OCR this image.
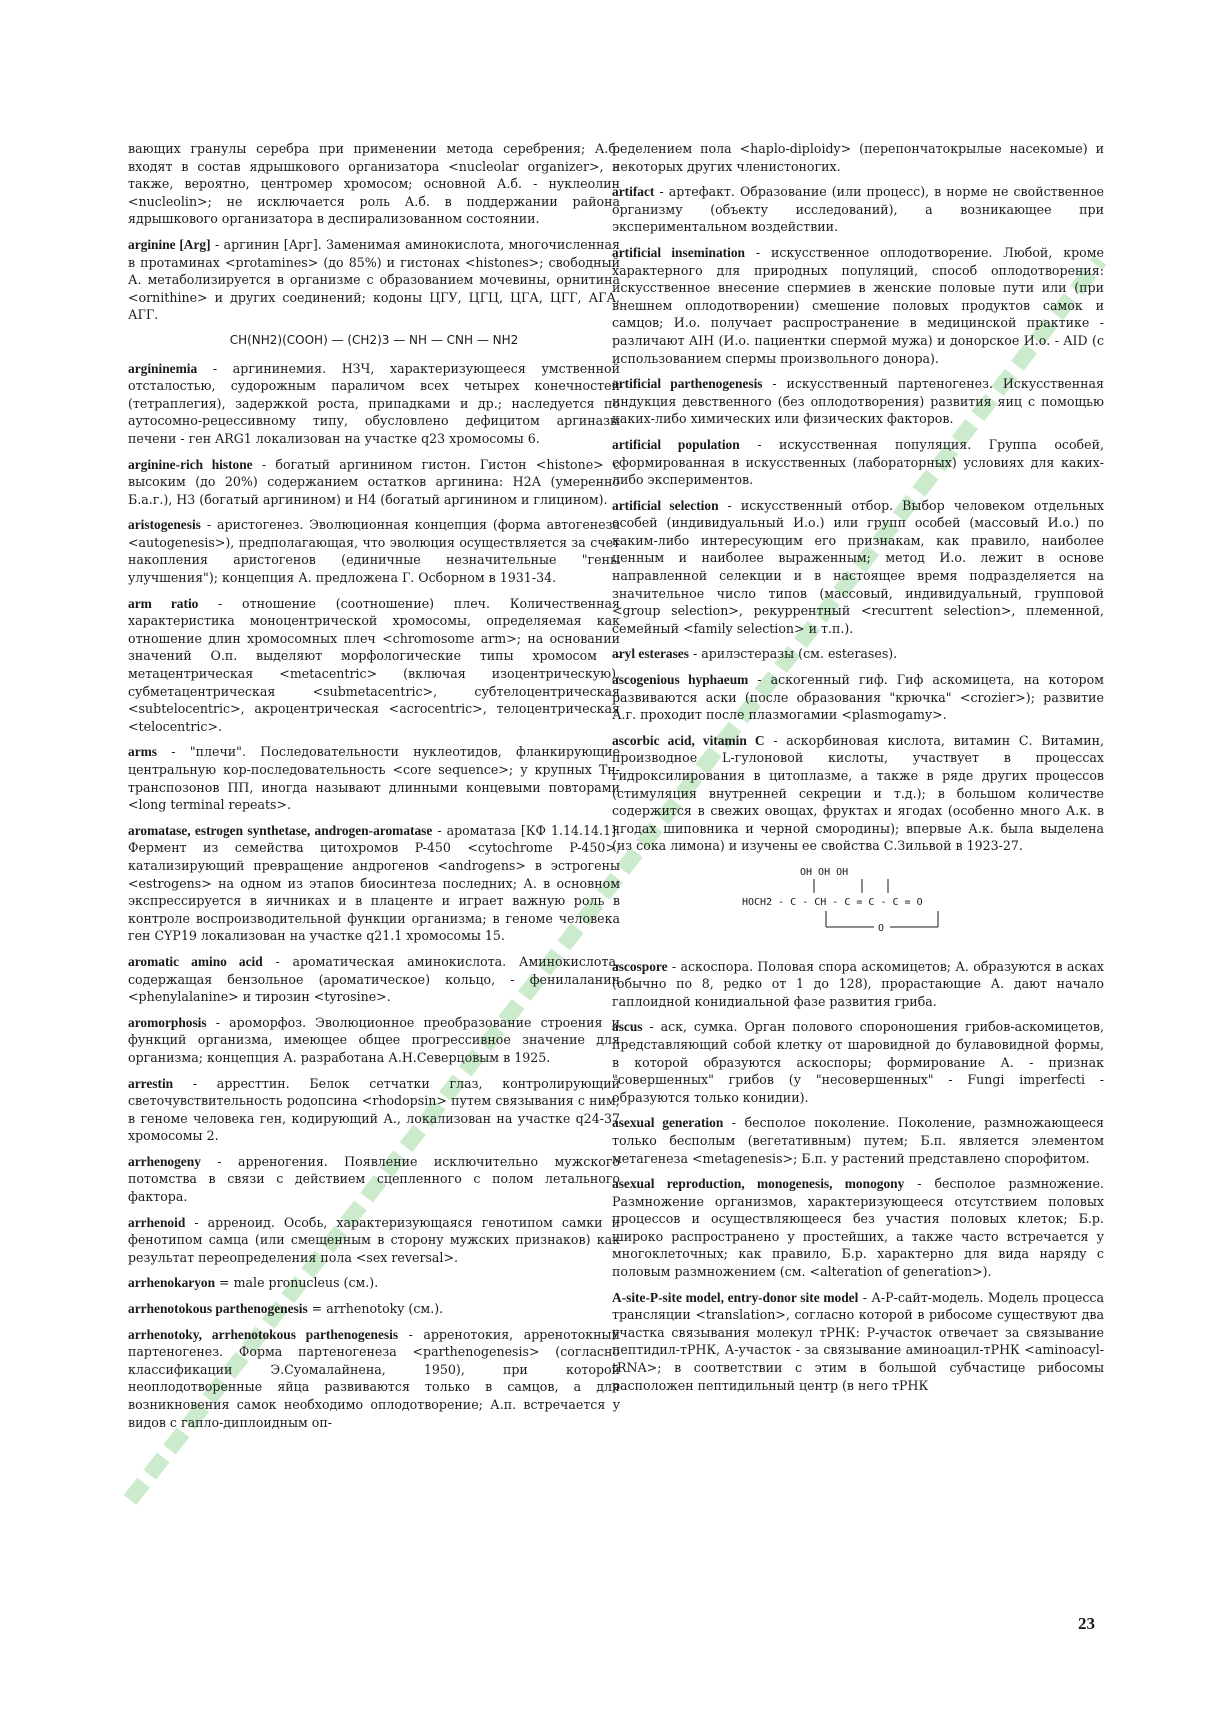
вающих гранулы серебра при применении метода серебрения; А.б. входят в состав ядрышкового организатора <nucleolar organizer>, а также, вероятно, центромер хромосом; основной А.б. - нуклеолин <nucleolin>; не исключается роль А.б. в поддержании района ядрышкового организатора в деспирализованном состоянии.

arginine [Arg] - аргинин [Арг]. Заменимая аминокислота, многочисленная в протаминах <protamines> (до 85%) и гистонах <histones>; свободный А. метаболизируется в организме с образованием мочевины, орнитина <ornithine> и других соединений; кодоны ЦГУ, ЦГЦ, ЦГА, ЦГГ, АГА, АГГ.

CH(NH2)(COOH) — (CH2)3 — NH — CNH — NH2

argininemia - аргининемия. НЗЧ, характеризующееся умственной отсталостью, судорожным параличом всех четырех конечностей (тетраплегия), задержкой роста, припадками и др.; наследуется по аутосомно-рецессивному типу, обусловлено дефицитом аргиназы печени - ген ARG1 локализован на участке q23 хромосомы 6.

arginine-rich histone - богатый аргинином гистон. Гистон <histone> с высоким (до 20%) содержанием остатков аргинина: Н2А (умеренно Б.а.г.), Н3 (богатый аргинином) и Н4 (богатый аргинином и глицином).

aristogenesis - аристогенез. Эволюционная концепция (форма автогенеза <autogenesis>), предполагающая, что эволюция осуществляется за счет накопления аристогенов (единичные незначительные "гены улучшения"); концепция А. предложена Г. Осборном в 1931-34.

arm ratio - отношение (соотношение) плеч. Количественная характеристика моноцентрической хромосомы, определяемая как отношение длин хромосомных плеч <chromosome arm>; на основании значений О.п. выделяют морфологические типы хромосом - метацентрическая <metacentric> (включая изоцентрическую), субметацентрическая <submetacentric>, субтелоцентрическая <subtelocentric>, акроцентрическая <acrocentric>, телоцентрическая <telocentric>.

arms - "плечи". Последовательности нуклеотидов, фланкирующие центральную кор-последовательность <core sequence>; у крупных Тн-транспозонов ПП, иногда называют длинными концевыми повторами <long terminal repeats>.

aromatase, estrogen synthetase, androgen-aromatase - ароматаза [КФ 1.14.14.1]. Фермент из семейства цитохромов P-450 <cytochrome P-450>, катализирующий превращение андрогенов <androgens> в эстрогены <estrogens> на одном из этапов биосинтеза последних; А. в основном экспрессируется в яичниках и в плаценте и играет важную роль в контроле воспроизводительной функции организма; в геноме человека ген CYP19 локализован на участке q21.1 хромосомы 15.

aromatic amino acid - ароматическая аминокислота. Аминокислота, содержащая бензольное (ароматическое) кольцо, - фенилаланин <phenylalanine> и тирозин <tyrosine>.

aromorphosis - ароморфоз. Эволюционное преобразование строения и функций организма, имеющее общее прогрессивное значение для организма; концепция А. разработана А.Н.Северцовым в 1925.

arrestin - арресттин. Белок сетчатки глаз, контролирующий светочувствительность родопсина <rhodopsin> путем связывания с ним; в геноме человека ген, кодирующий А., локализован на участке q24-37 хромосомы 2.

arrhenogeny - арреногения. Появление исключительно мужского потомства в связи с действием сцепленного с полом летального фактора.

arrhenoid - арреноид. Особь, характеризующаяся генотипом самки и фенотипом самца (или смещенным в сторону мужских признаков) как результат переопределения пола <sex reversal>.

arrhenokaryon = male pronucleus (см.).

arrhenotokous parthenogenesis = arrhenotoky (см.).

arrhenotoky, arrhenotokous parthenogenesis - арренотокия, арренотокный партеногенез. Форма партеногенеза <parthenogenesis> (согласно классификации Э.Суомалайнена, 1950), при которой неоплодотворенные яйца развиваются только в самцов, а для возникновения самок необходимо оплодотворение; А.п. встречается у видов с гапло-диплоидным оп-

ределением пола <haplo-diploidy> (перепончатокрылые насекомые) и некоторых других членистоногих.

artifact - артефакт. Образование (или процесс), в норме не свойственное организму (объекту исследований), а возникающее при экспериментальном воздействии.

artificial insemination - искусственное оплодотворение. Любой, кроме характерного для природных популяций, способ оплодотворения: искусственное внесение спермиев в женские половые пути или (при внешнем оплодотворении) смешение половых продуктов самок и самцов; И.о. получает распространение в медицинской практике - различают AIH (И.о. пациентки спермой мужа) и донорское И.о. - AID (с использованием спермы произвольного донора).

artificial parthenogenesis - искусственный партеногенез. Искусственная индукция девственного (без оплодотворения) развития яиц с помощью каких-либо химических или физических факторов.

artificial population - искусственная популяция. Группа особей, сформированная в искусственных (лабораторных) условиях для каких-либо экспериментов.

artificial selection - искусственный отбор. Выбор человеком отдельных особей (индивидуальный И.о.) или групп особей (массовый И.о.) по каким-либо интересующим его признакам, как правило, наиболее ценным и наиболее выраженным; метод И.о. лежит в основе направленной селекции и в настоящее время подразделяется на значительное число типов (массовый, индивидуальный, групповой <group selection>, рекуррентный <recurrent selection>, племенной, семейный <family selection> и т.п.).

aryl esterases - арилэстеразы (см. esterases).

ascogenious hyphaeum - аскогенный гиф. Гиф аскомицета, на котором развиваются аски (после образования "крючка" <crozier>); развитие А.г. проходит после плазмогамии <plasmogamy>.

ascorbic acid, vitamin C - аскорбиновая кислота, витамин С. Витамин, производное L-гулоновой кислоты, участвует в процессах гидроксилирования в цитоплазме, а также в ряде других процессов (стимуляция внутренней секреции и т.д.); в большом количестве содержится в свежих овощах, фруктах и ягодах (особенно много А.к. в ягодах шиповника и черной смородины); впервые А.к. была выделена (из сока лимона) и изучены ее свойства С.Зильвой в 1923-27.

OH OH OH
HOCH2 - C - CH - C = C - C = O
O

ascospore - аскоспора. Половая спора аскомицетов; А. образуются в асках (обычно по 8, редко от 1 до 128), прорастающие А. дают начало гаплоидной конидиальной фазе развития гриба.

ascus - аск, сумка. Орган полового спороношения грибов-аскомицетов, представляющий собой клетку от шаровидной до булавовидной формы, в которой образуются аскоспоры; формирование А. - признак "совершенных" грибов (у "несовершенных" - Fungi imperfecti - образуются только конидии).

asexual generation - бесполое поколение. Поколение, размножающееся только бесполым (вегетативным) путем; Б.п. является элементом метагенеза <metagenesis>; Б.п. у растений представлено спорофитом.

asexual reproduction, monogenesis, monogony - бесполое размножение. Размножение организмов, характеризующееся отсутствием половых процессов и осуществляющееся без участия половых клеток; Б.р. широко распространено у простейших, а также часто встречается у многоклеточных; как правило, Б.р. характерно для вида наряду с половым размножением (см. <alteration of generation>).

A-site-P-site model, entry-donor site model - А-Р-сайт-модель. Модель процесса трансляции <translation>, согласно которой в рибосоме существуют два участка связывания молекул тРНК: Р-участок отвечает за связывание пептидил-тРНК, А-участок - за связывание аминоацил-тРНК <aminoacyl-tRNA>; в соответствии с этим в большой субчастице рибосомы расположен пептидильный центр (в него тРНК

23
